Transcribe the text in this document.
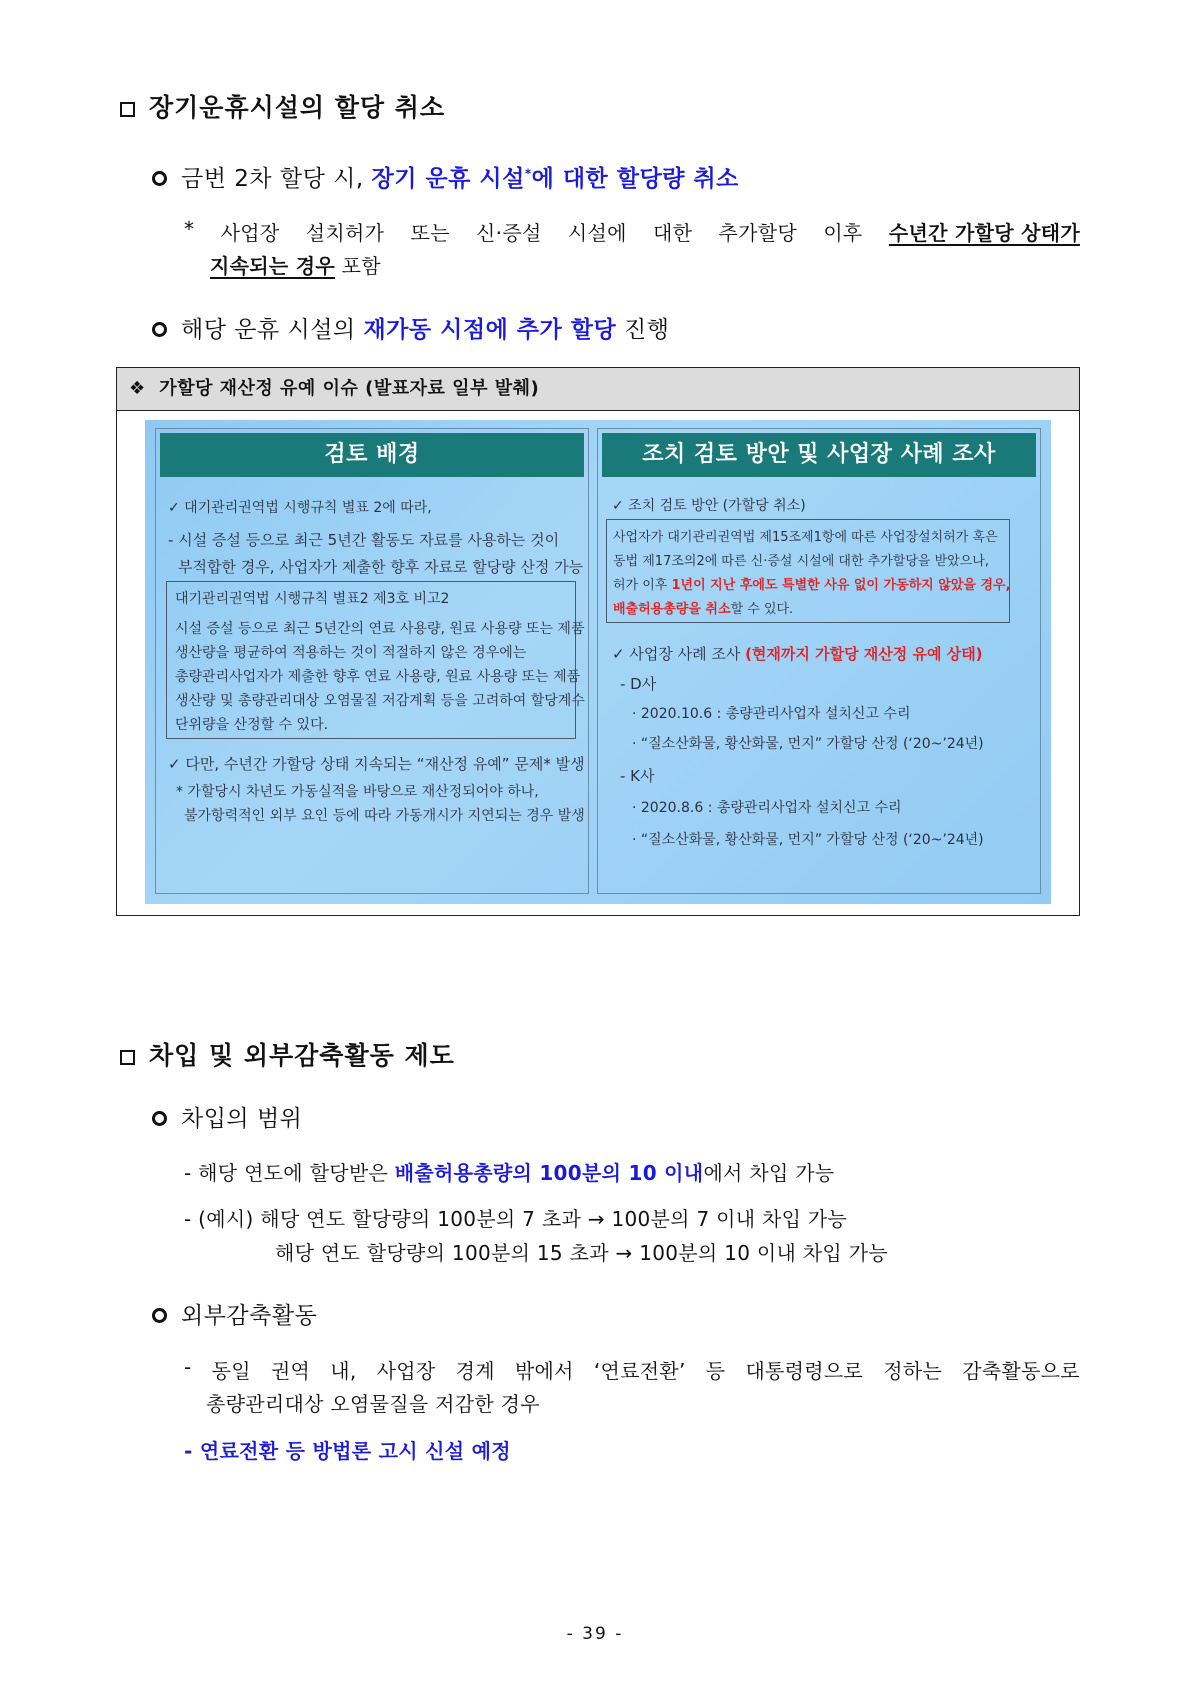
장기운휴시설의 할당 취소
금번 2차 할당 시, 장기 운휴 시설*에 대한 할당량 취소
* 사업장 설치허가 또는 신·증설 시설에 대한 추가할당 이후 수년간 가할당 상태가
지속되는 경우 포함
해당 운휴 시설의 재가동 시점에 추가 할당 진행
❖ 가할당 재산정 유예 이슈 (발표자료 일부 발췌)
검토 배경
✓ 대기관리권역법 시행규칙 별표 2에 따라,
- 시설 증설 등으로 최근 5년간 활동도 자료를 사용하는 것이
부적합한 경우, 사업자가 제출한 향후 자료로 할당량 산정 가능
대기관리권역법 시행규칙 별표2 제3호 비고2
시설 증설 등으로 최근 5년간의 연료 사용량, 원료 사용량 또는 제품
생산량을 평균하여 적용하는 것이 적절하지 않은 경우에는
총량관리사업자가 제출한 향후 연료 사용량, 원료 사용량 또는 제품
생산량 및 총량관리대상 오염물질 저감계획 등을 고려하여 할당계수
단위량을 산정할 수 있다.
✓ 다만, 수년간 가할당 상태 지속되는 “재산정 유예” 문제* 발생
* 가할당시 차년도 가동실적을 바탕으로 재산정되어야 하나,
불가항력적인 외부 요인 등에 따라 가동개시가 지연되는 경우 발생
조치 검토 방안 및 사업장 사례 조사
✓ 조치 검토 방안 (가할당 취소)
사업자가 대기관리권역법 제15조제1항에 따른 사업장설치허가 혹은
동법 제17조의2에 따른 신·증설 시설에 대한 추가할당을 받았으나,
허가 이후 1년이 지난 후에도 특별한 사유 없이 가동하지 않았을 경우,
배출허용총량을 취소할 수 있다.
✓ 사업장 사례 조사 (현재까지 가할당 재산정 유예 상태)
- D사
· 2020.10.6 : 총량관리사업자 설치신고 수리
· “질소산화물, 황산화물, 먼지” 가할당 산정 (‘20~’24년)
- K사
· 2020.8.6 : 총량관리사업자 설치신고 수리
· “질소산화물, 황산화물, 먼지” 가할당 산정 (‘20~’24년)
차입 및 외부감축활동 제도
차입의 범위
- 해당 연도에 할당받은 배출허용총량의 100분의 10 이내에서 차입 가능
- (예시) 해당 연도 할당량의 100분의 7 초과 → 100분의 7 이내 차입 가능
해당 연도 할당량의 100분의 15 초과 → 100분의 10 이내 차입 가능
외부감축활동
- 동일 권역 내, 사업장 경계 밖에서 ‘연료전환’ 등 대통령령으로 정하는 감축활동으로
총량관리대상 오염물질을 저감한 경우
- 연료전환 등 방법론 고시 신설 예정
- 39 -
